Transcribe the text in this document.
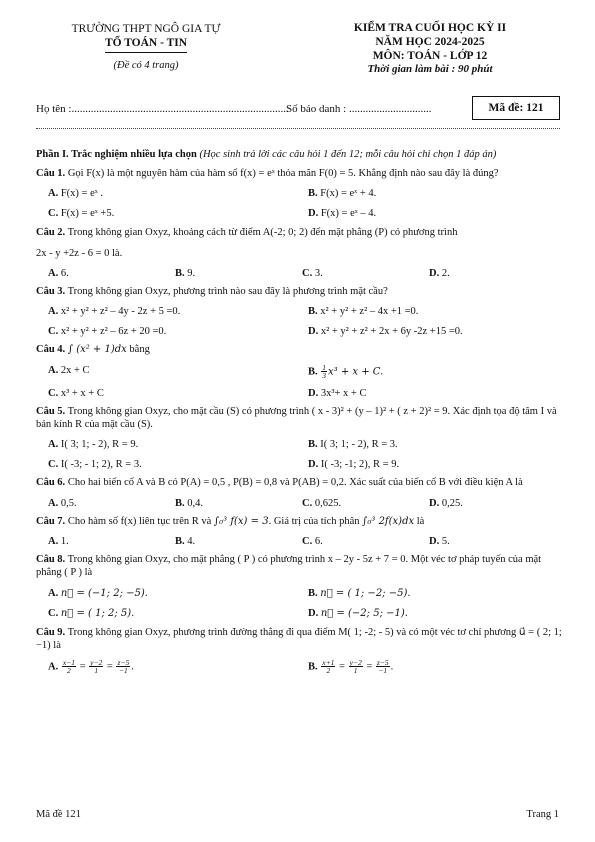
TRƯỜNG THPT NGÔ GIA TỰ
TỔ TOÁN - TIN
(Đề có 4 trang)
KIỂM TRA CUỐI HỌC KỲ II
NĂM HỌC 2024-2025
MÔN: TOÁN - LỚP 12
Thời gian làm bài : 90 phút
Họ tên :...............................................................................
Số báo danh : ..............................	Mã đề: 121
Phần I. Trắc nghiệm nhiều lựa chọn (Học sinh trả lời các câu hỏi 1 đến 12; mỗi câu hỏi chỉ chọn 1 đáp án)
Câu 1. Gọi F(x) là một nguyên hàm của hàm số f(x) = eˣ thỏa mãn F(0) = 5. Khẳng định nào sau đây là đúng?
A. F(x) = eˣ .	B. F(x) = eˣ + 4.
C. F(x) = eˣ +5.	D. F(x) = eˣ – 4.
Câu 2. Trong không gian Oxyz, khoảng cách từ điểm A(-2; 0; 2) đến mặt phẳng (P) có phương trình
2x - y +2z - 6 = 0 là.
A. 6.	B. 9.	C. 3.	D. 2.
Câu 3. Trong không gian Oxyz, phương trình nào sau đây là phương trình mặt cầu?
A. x² + y² + z² – 4y - 2z + 5 =0.	B. x² + y² + z² – 4x +1 =0.
C. x² + y² + z² – 6z + 20 =0.	D. x² + y² + z² + 2x + 6y -2z +15 =0.
Câu 4. ∫ (x² + 1)dx bằng
A. 2x + C	B. $\frac{1}{3} x^3 + x + C$.
C. x³ + x + C	D. 3x³+ x + C
Câu 5. Trong không gian Oxyz, cho mặt cầu (S) có phương trình ( x - 3)² + (y – 1)² + ( z + 2)² = 9. Xác định tọa độ tâm I và bán kính R của mặt cầu (S).
A. I( 3; 1; - 2), R = 9.	B. I( 3; 1; - 2), R = 3.
C. I( -3; - 1; 2), R = 3.	D. I( -3; -1; 2), R = 9.
Câu 6. Cho hai biến cố A và B có P(A) = 0,5 , P(B) = 0,8 và P(AB) = 0,2. Xác suất của biến cố B với điều kiện A là
A. 0,5.	B. 0,4.	C. 0,625.	D. 0,25.
Câu 7. Cho hàm số f(x) liên tục trên R và ∫₀³ f(x) = 3. Giá trị của tích phân ∫₀³ 2f(x)dx là
A. 1.	B. 4.	C. 6.	D. 5.
Câu 8. Trong không gian Oxyz, cho mặt phẳng ( P ) có phương trình x – 2y - 5z + 7 = 0. Một véc tơ pháp tuyến của mặt phẳng ( P ) là
A. n⃗ = (−1; 2; −5).	B. n⃗ = ( 1; −2; −5).
C. n⃗ = ( 1; 2; 5).	D. n⃗ = (−2; 5; −1).
Câu 9. Trong không gian Oxyz, phương trình đường thẳng đi qua điểm M( 1; -2; - 5) và có một véc tơ chỉ phương u⃗ = ( 2; 1; −1) là
A. $\frac{x-1}{2} = \frac{y-2}{1} = \frac{z-5}{-1}$ .	B. $\frac{x+1}{2} = \frac{y-2}{1} = \frac{z-5}{-1}$ .
Mã đề 121	Trang 1
